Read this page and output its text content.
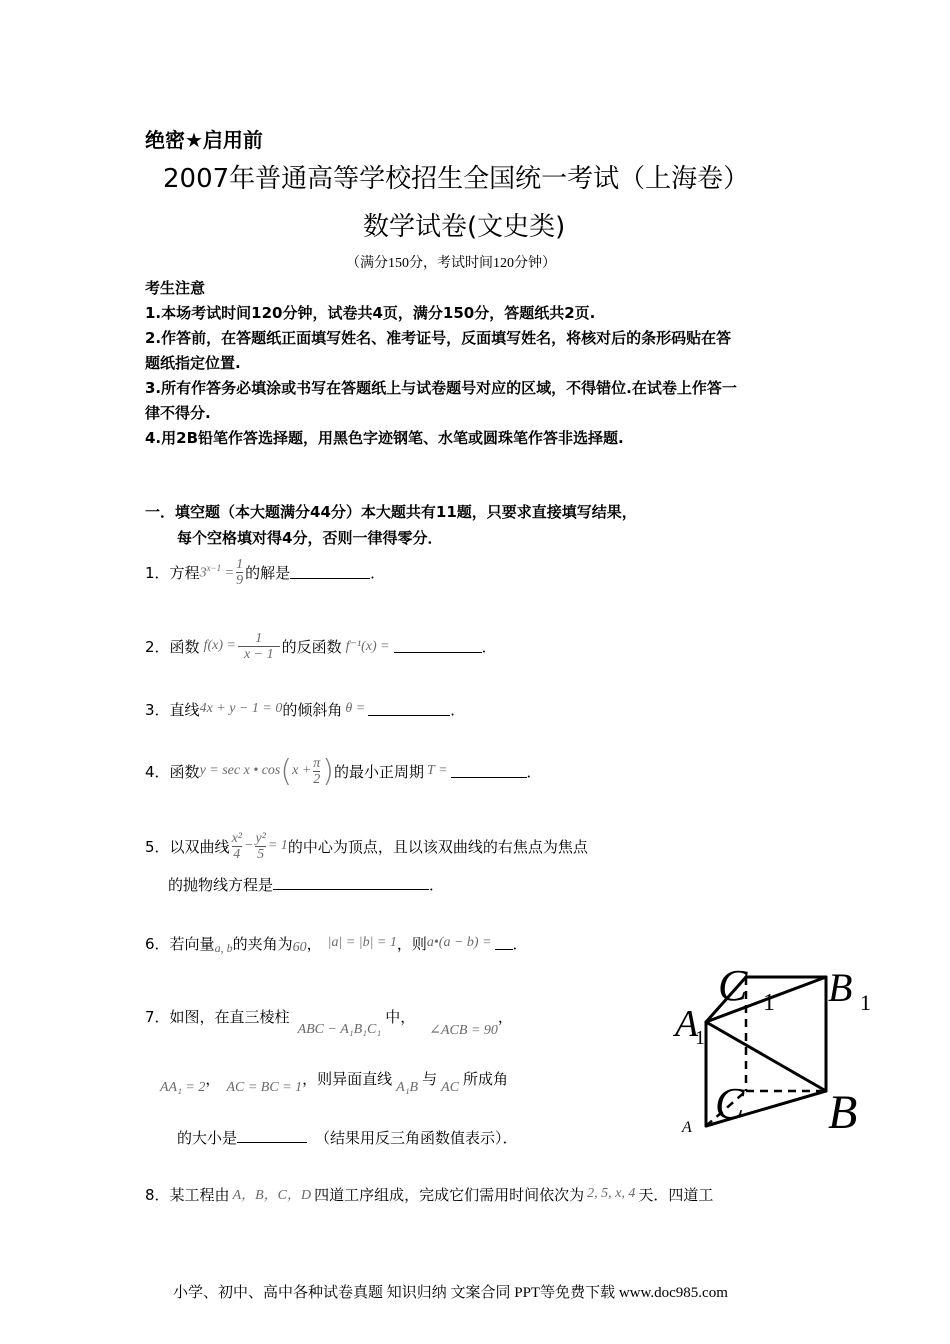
绝密★启用前
2007年普通高等学校招生全国统一考试（上海卷）
数学试卷(文史类)
（满分150分，考试时间120分钟）
考生注意
1.本场考试时间120分钟，试卷共4页，满分150分，答题纸共2页.
2.作答前，在答题纸正面填写姓名、准考证号，反面填写姓名，将核对后的条形码贴在答
题纸指定位置.
3.所有作答务必填涂或书写在答题纸上与试卷题号对应的区域，不得错位.在试卷上作答一
律不得分.
4.用2B铅笔作答选择题，用黑色字迹钢笔、水笔或圆珠笔作答非选择题.
一．填空题（本大题满分44分）本大题共有11题，只要求直接填写结果，
每个空格填对得4分，否则一律得零分．
1． 方程 $3^{x-1} = \frac{1}{9}$ 的解是	．
2． 函数 $f(x) = \frac{1}{x - 1}$ 的反函数 f⁻¹(x) =	．
3． 直线 4x + y − 1 = 0 的倾斜角 θ =	．
4． 函数 y = sec x • cos ( $x + \frac{\pi}{2}$ ) 的最小正周期 T =	．
5． 以双曲线 $\frac{\text{x²}}{4} - \frac{\text{y²}}{5} = 1$ 的中心为顶点，且以该双曲线的右焦点为焦点
的抛物线方程是	．
6． 若向量 a, b 的夹角为 60 ， |a| = |b| = 1 ，则 a•(a − b) = ．
7． 如图，在直三棱柱
ABC − A₁B₁C₁
中，
∠ACB = 90
，
AA₁ = 2 ， AC = BC = 1 ，则异面直线 A₁B 与 AC 所成角
的大小是	（结果用反三角函数值表示）．
8． 某工程由 A，B，C，D 四道工序组成，完成它们需用时间依次为 2, 5, x, 4 天．四道工
C 1 B 1
A
1
C B
A
小学、初中、高中各种试卷真题 知识归纳 文案合同 PPT等免费下载 www.doc985.com
